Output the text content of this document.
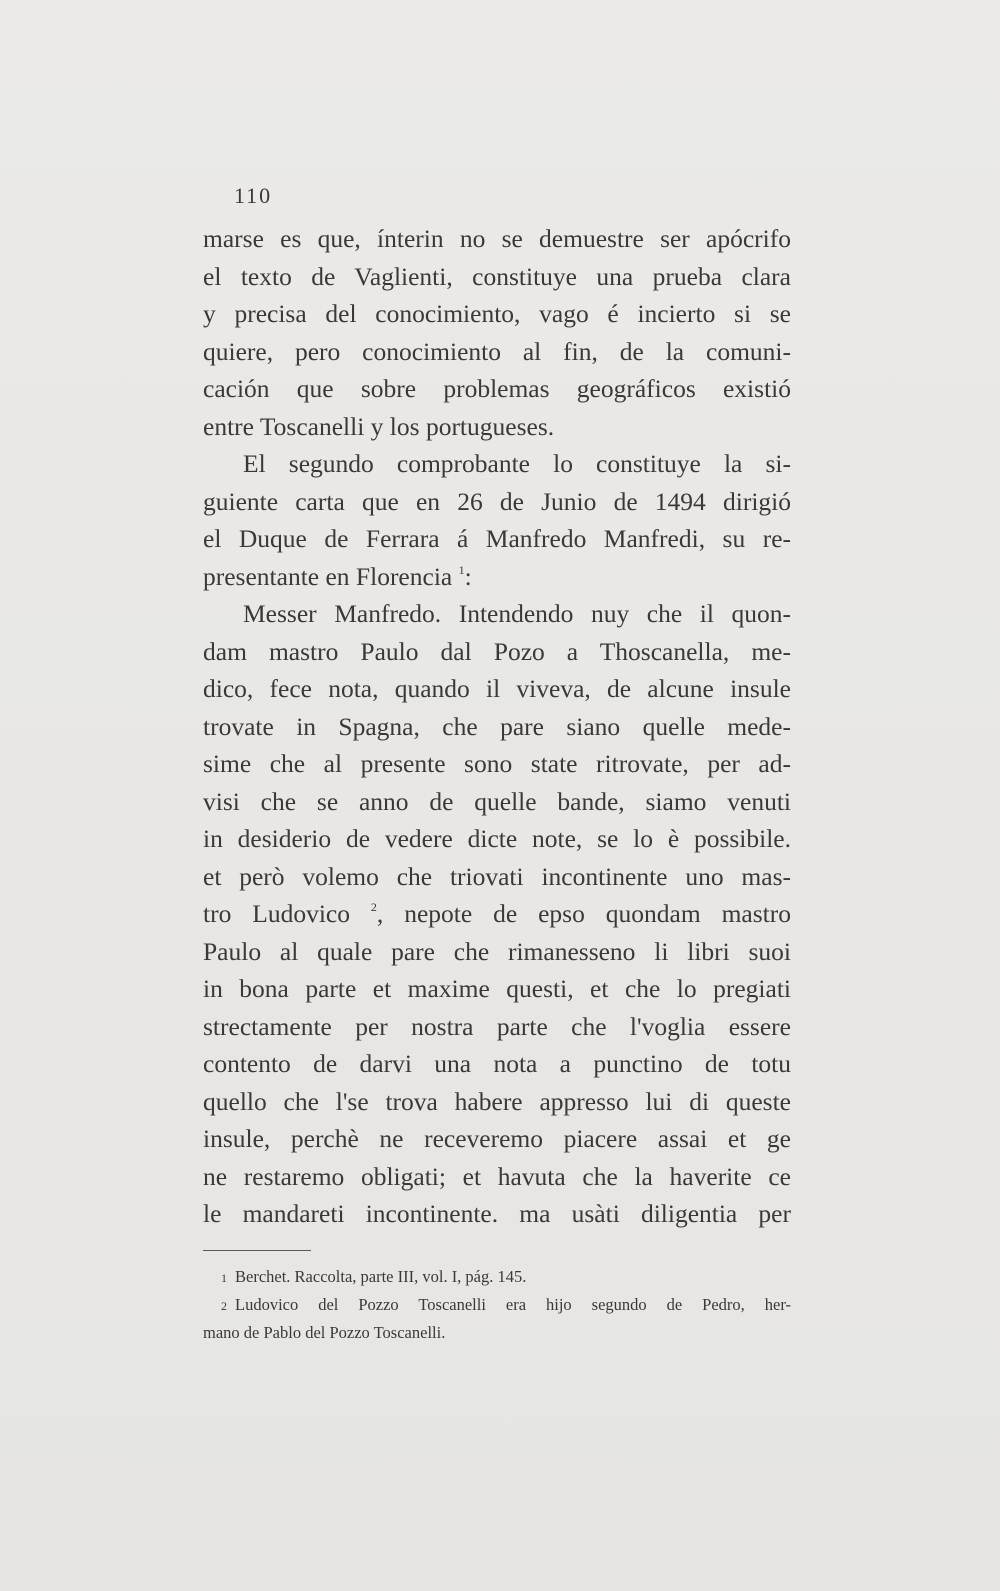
110
marse es que, ínterin no se demuestre ser apócrifo
el texto de Vaglienti, constituye una prueba clara
y precisa del conocimiento, vago é incierto si se
quiere, pero conocimiento al fin, de la comuni-
cación que sobre problemas geográficos existió
entre Toscanelli y los portugueses.
El segundo comprobante lo constituye la si-
guiente carta que en 26 de Junio de 1494 dirigió
el Duque de Ferrara á Manfredo Manfredi, su re-
presentante en Florencia $^1$:
Messer Manfredo. Intendendo nuy che il quon-
dam mastro Paulo dal Pozo a Thoscanella, me-
dico, fece nota, quando il viveva, de alcune insule
trovate in Spagna, che pare siano quelle mede-
sime che al presente sono state ritrovate, per ad-
visi che se anno de quelle bande, siamo venuti
in desiderio de vedere dicte note, se lo è possibile.
et però volemo che triovati incontinente uno mas-
tro Ludovico $^2$, nepote de epso quondam mastro
Paulo al quale pare che rimanesseno li libri suoi
in bona parte et maxime questi, et che lo pregiati
strectamente per nostra parte che l'voglia essere
contento de darvi una nota a punctino de totu
quello che l'se trova habere appresso lui di queste
insule, perchè ne receveremo piacere assai et ge
ne restaremo obligati; et havuta che la haverite ce
le mandareti incontinente. ma usàti diligentia per
1 Berchet. Raccolta, parte III, vol. I, pág. 145.
2 Ludovico del Pozzo Toscanelli era hijo segundo de Pedro, her-
mano de Pablo del Pozzo Toscanelli.
